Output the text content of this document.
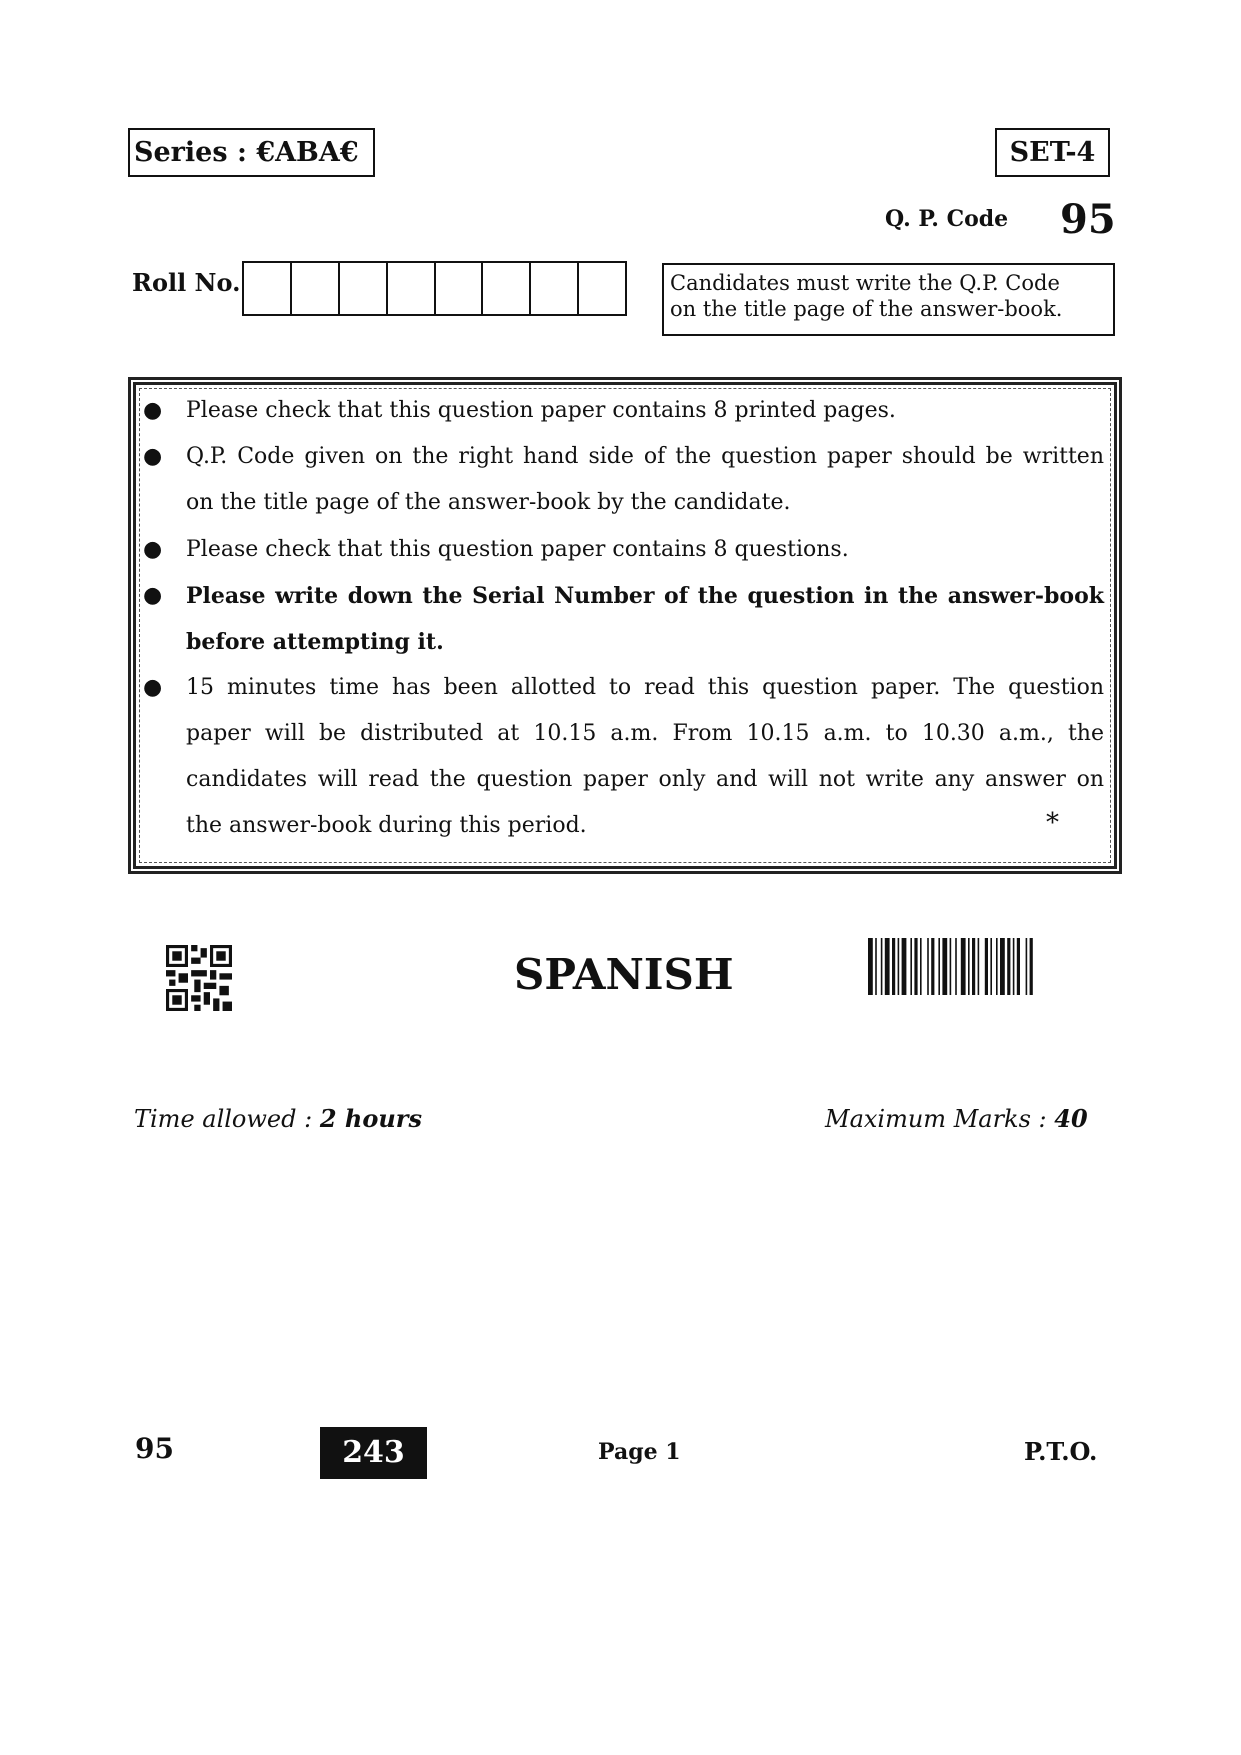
Series : €ABA€	SET-4
Q. P. Code 95
Roll No.	Candidates must write the Q.P. Code
on the title page of the answer-book.
● Please check that this question paper contains 8 printed pages.
● Q.P. Code given on the right hand side of the question paper should be written
on the title page of the answer-book by the candidate.
● Please check that this question paper contains 8 questions.
● Please write down the Serial Number of the question in the answer-book
before attempting it.
● 15 minutes time has been allotted to read this question paper. The question
paper will be distributed at 10.15 a.m. From 10.15 a.m. to 10.30 a.m., the
candidates will read the question paper only and will not write any answer on
the answer-book during this period.	*
SPANISH
Time allowed : 2 hours	Maximum Marks : 40
95	243	Page 1	P.T.O.
